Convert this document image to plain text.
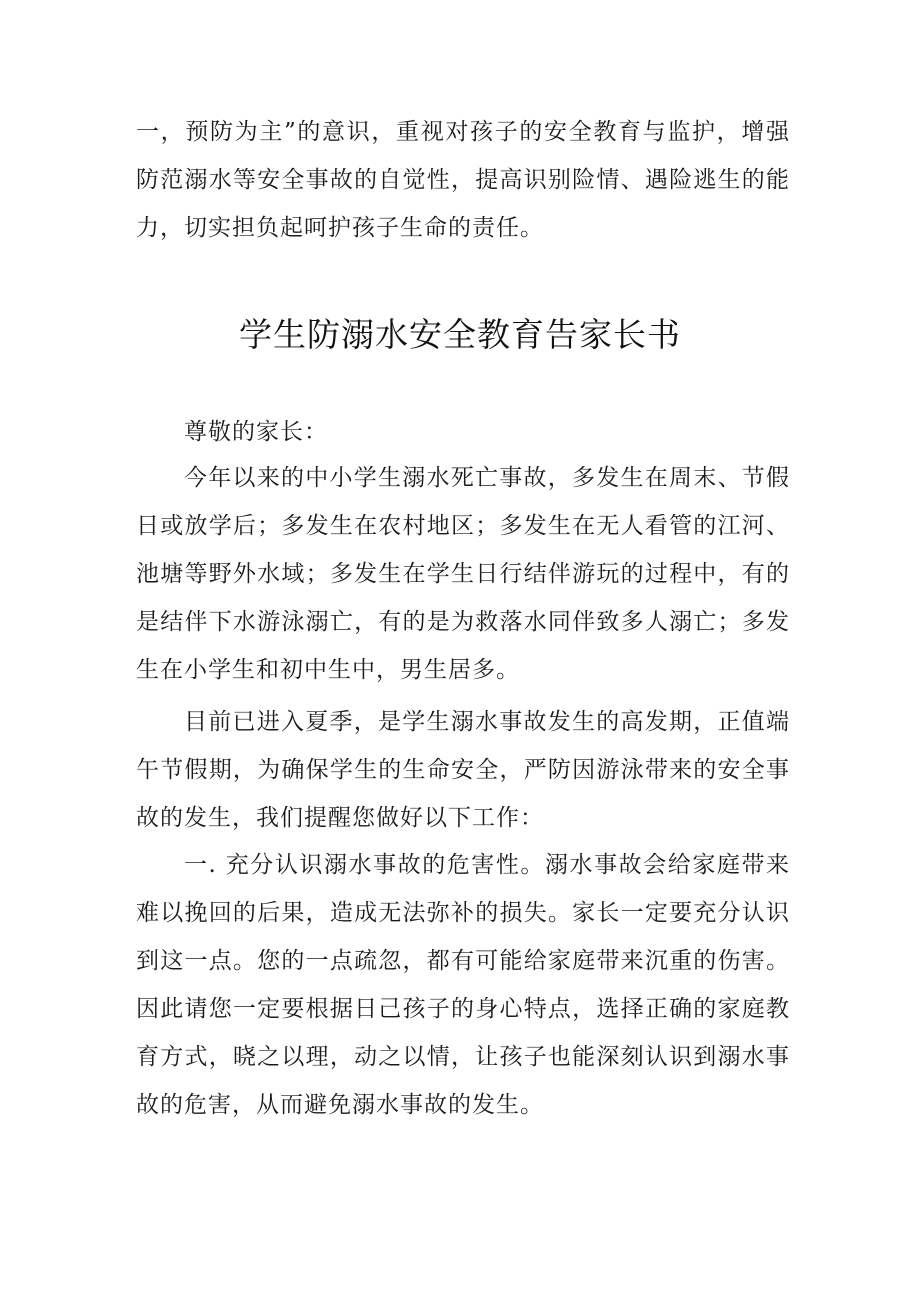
一，预防为主”的意识，重视对孩子的安全教育与监护，增强防范溺水等安全事故的自觉性，提高识别险情、遇险逃生的能力，切实担负起呵护孩子生命的责任。

学生防溺水安全教育告家长书

尊敬的家长：

今年以来的中小学生溺水死亡事故，多发生在周末、节假日或放学后；多发生在农村地区；多发生在无人看管的江河、池塘等野外水域；多发生在学生日行结伴游玩的过程中，有的是结伴下水游泳溺亡，有的是为救落水同伴致多人溺亡；多发生在小学生和初中生中，男生居多。

目前已进入夏季，是学生溺水事故发生的高发期，正值端午节假期，为确保学生的生命安全，严防因游泳带来的安全事故的发生，我们提醒您做好以下工作：

一. 充分认识溺水事故的危害性。溺水事故会给家庭带来难以挽回的后果，造成无法弥补的损失。家长一定要充分认识到这一点。您的一点疏忽，都有可能给家庭带来沉重的伤害。因此请您一定要根据日己孩子的身心特点，选择正确的家庭教育方式，晓之以理，动之以情，让孩子也能深刻认识到溺水事故的危害，从而避免溺水事故的发生。
